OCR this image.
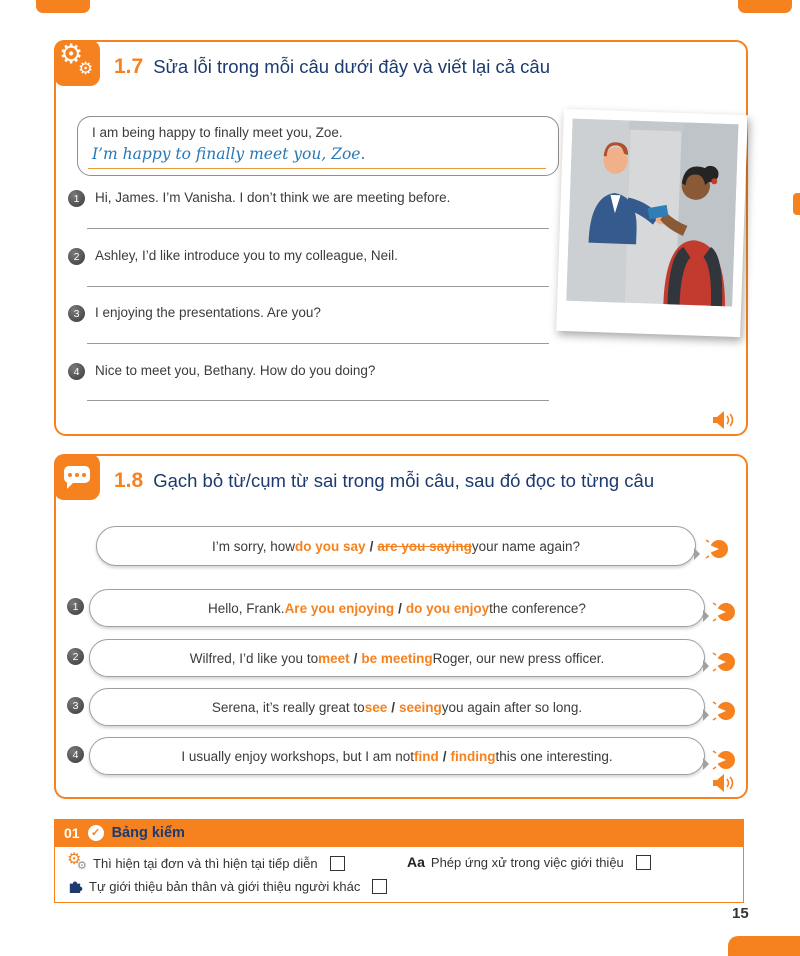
⚙
⚙ 1.7 Sửa lỗi trong mỗi câu dưới đây và viết lại cả câu
I am being happy to finally meet you, Zoe.
I’m happy to finally meet you, Zoe.
1	Hi, James. I’m Vanisha. I don’t think we are meeting before.
2	Ashley, I’d like introduce you to my colleague, Neil.
3	I enjoying the presentations. Are you?
4	Nice to meet you, Bethany. How do you doing?
1.8 Gạch bỏ từ/cụm từ sai trong mỗi câu, sau đó đọc to từng câu
I’m sorry, how do you say / are you saying your name again?
1	Hello, Frank. Are you enjoying / do you enjoy the conference?
2	Wilfred, I’d like you to meet / be meeting Roger, our new press officer.
3	Serena, it’s really great to see / seeing you again after so long.
4	I usually enjoy workshops, but I am not find / finding this one interesting.
01	✓ Bảng kiểm
⚙
⚙ Thì hiện tại đơn và thì hiện tại tiếp diễn	Aa Phép ứng xử trong việc giới thiệu
Tự giới thiệu bản thân và giới thiệu người khác
15
